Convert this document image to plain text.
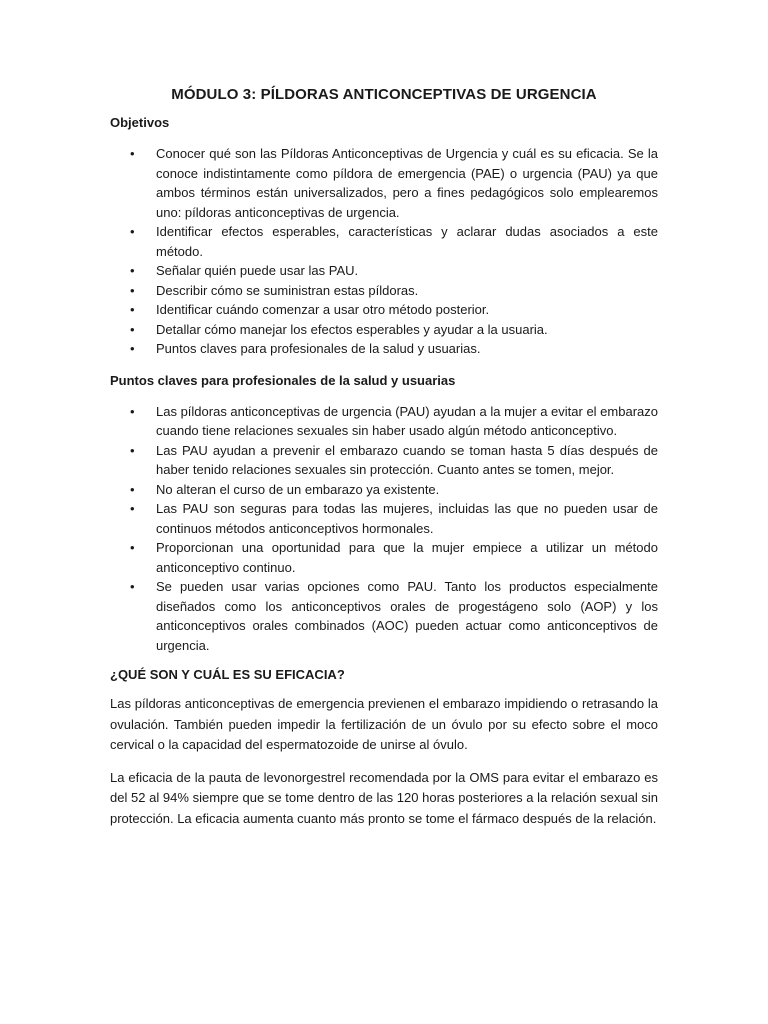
MÓDULO 3: PÍLDORAS ANTICONCEPTIVAS DE URGENCIA
Objetivos
• Conocer qué son las Píldoras Anticonceptivas de Urgencia y cuál es su eficacia. Se la conoce indistintamente como píldora de emergencia (PAE) o urgencia (PAU) ya que ambos términos están universalizados, pero a fines pedagógicos solo emplearemos uno: píldoras anticonceptivas de urgencia.
• Identificar efectos esperables, características y aclarar dudas asociados a este método.
• Señalar quién puede usar las PAU.
• Describir cómo se suministran estas píldoras.
• Identificar cuándo comenzar a usar otro método posterior.
• Detallar cómo manejar los efectos esperables y ayudar a la usuaria.
• Puntos claves para profesionales de la salud y usuarias.
Puntos claves para profesionales de la salud y usuarias
• Las píldoras anticonceptivas de urgencia (PAU) ayudan a la mujer a evitar el embarazo cuando tiene relaciones sexuales sin haber usado algún método anticonceptivo.
• Las PAU ayudan a prevenir el embarazo cuando se toman hasta 5 días después de haber tenido relaciones sexuales sin protección. Cuanto antes se tomen, mejor.
• No alteran el curso de un embarazo ya existente.
• Las PAU son seguras para todas las mujeres, incluidas las que no pueden usar de continuos métodos anticonceptivos hormonales.
• Proporcionan una oportunidad para que la mujer empiece a utilizar un método anticonceptivo continuo.
• Se pueden usar varias opciones como PAU. Tanto los productos especialmente diseñados como los anticonceptivos orales de progestágeno solo (AOP) y los anticonceptivos orales combinados (AOC) pueden actuar como anticonceptivos de urgencia.
¿QUÉ SON Y CUÁL ES SU EFICACIA?

Las píldoras anticonceptivas de emergencia previenen el embarazo impidiendo o retrasando la ovulación. También pueden impedir la fertilización de un óvulo por su efecto sobre el moco cervical o la capacidad del espermatozoide de unirse al óvulo.

La eficacia de la pauta de levonorgestrel recomendada por la OMS para evitar el embarazo es del 52 al 94% siempre que se tome dentro de las 120 horas posteriores a la relación sexual sin protección. La eficacia aumenta cuanto más pronto se tome el fármaco después de la relación.
